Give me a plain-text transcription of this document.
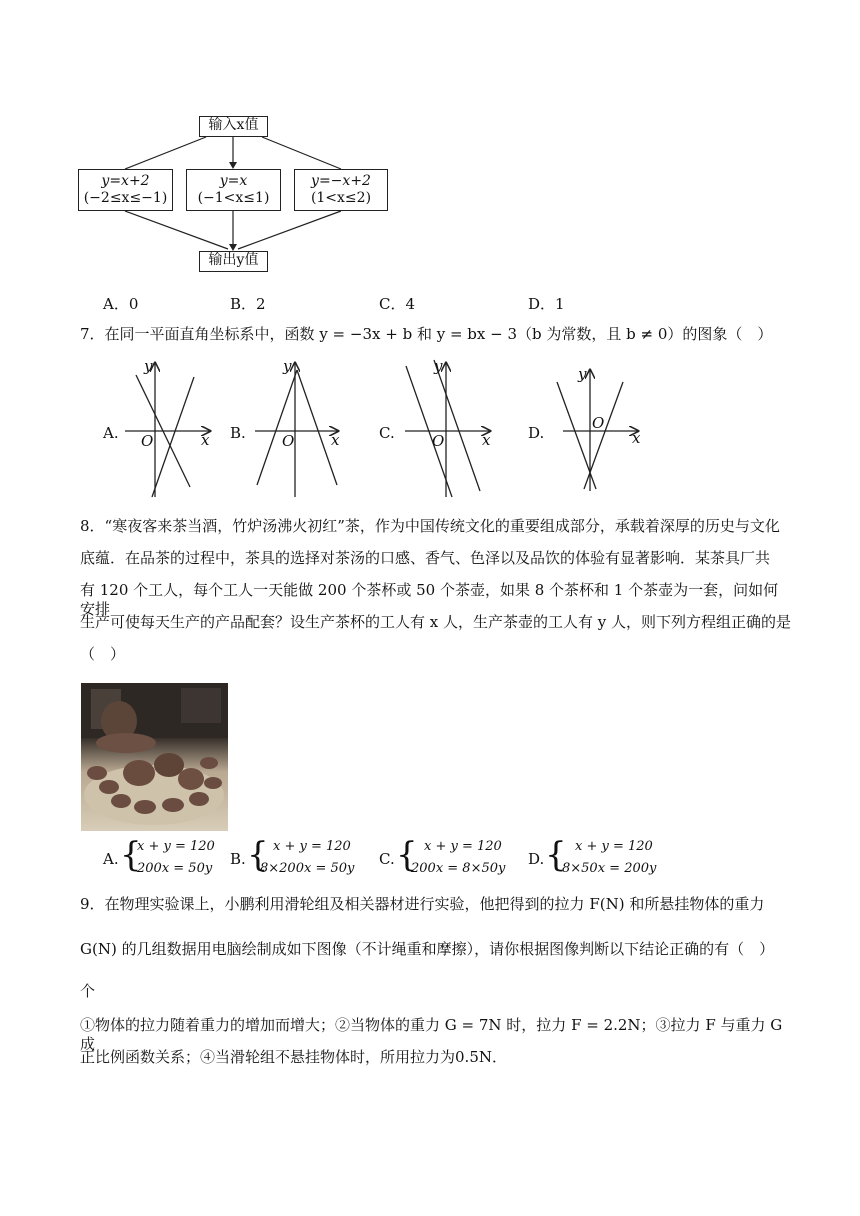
输入x值
y=x+2
(−2≤x≤−1)
y=x
(−1<x≤1)
y=−x+2
(1<x≤2)
输出y值
A．0	B．2	C．4	D．1
7．在同一平面直角坐标系中，函数 y = −3x + b 和 y = bx − 3（b 为常数，且 b ≠ 0）的图象（　）
A.	B.	C.	D.
y
x
O
y
x
O
y
x
O
y
x
O
8．“寒夜客来茶当酒，竹炉汤沸火初红”茶，作为中国传统文化的重要组成部分，承载着深厚的历史与文化
底蕴．在品茶的过程中，茶具的选择对茶汤的口感、香气、色泽以及品饮的体验有显著影响．某茶具厂共
有 120 个工人，每个工人一天能做 200 个茶杯或 50 个茶壶，如果 8 个茶杯和 1 个茶壶为一套，问如何安排
生产可使每天生产的产品配套？设生产茶杯的工人有 x 人，生产茶壶的工人有 y 人，则下列方程组正确的是
（　）
A. {
x + y = 120
200x = 50y
B. { x + y = 120
8×200x = 50y
C. { x + y = 120
200x = 8×50y
D. { x + y = 120
8×50x = 200y
9．在物理实验课上，小鹏利用滑轮组及相关器材进行实验，他把得到的拉力 F(N) 和所悬挂物体的重力
G(N) 的几组数据用电脑绘制成如下图像（不计绳重和摩擦），请你根据图像判断以下结论正确的有（　）
个
①物体的拉力随着重力的增加而增大；②当物体的重力 G = 7N 时，拉力 F = 2.2N；③拉力 F 与重力 G 成
正比例函数关系；④当滑轮组不悬挂物体时，所用拉力为0.5N．
